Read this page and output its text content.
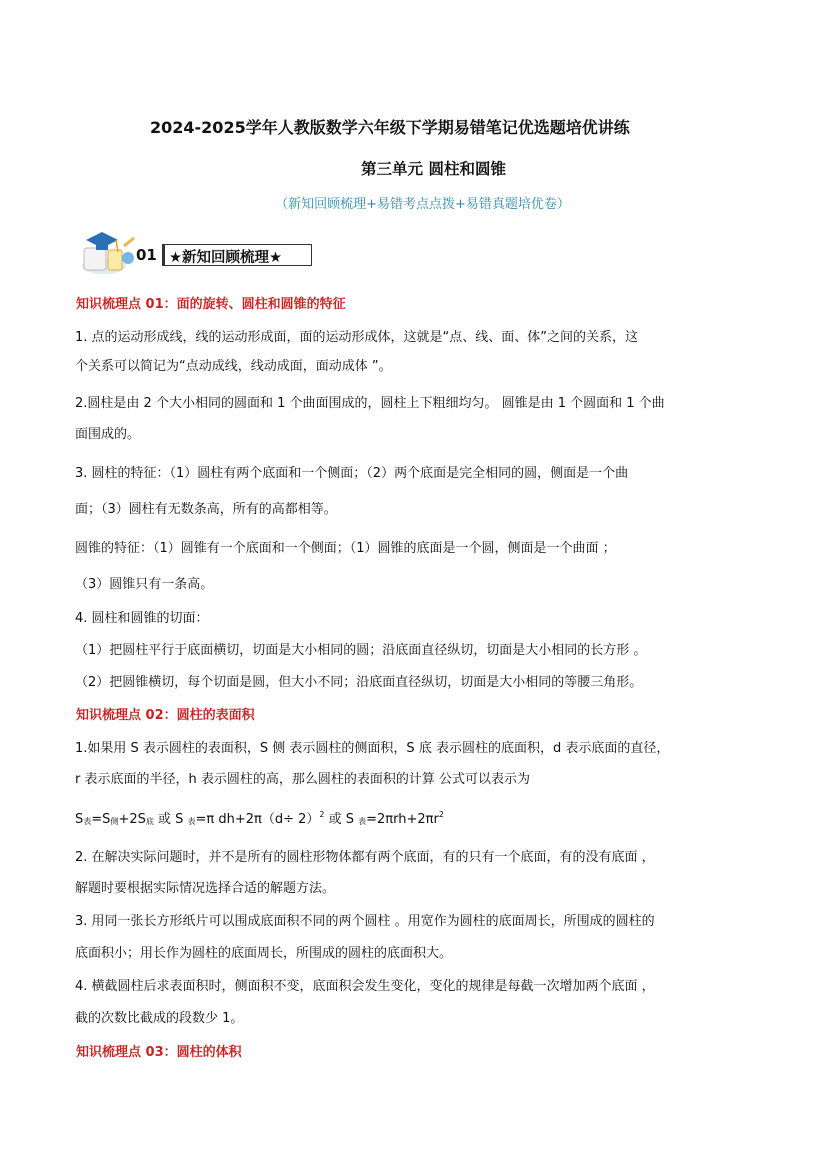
2024-2025学年人教版数学六年级下学期易错笔记优选题培优讲练
第三单元 圆柱和圆锥
（新知回顾梳理+易错考点点拨+易错真题培优卷）
01 ★新知回顾梳理★
知识梳理点 01：面的旋转、圆柱和圆锥的特征
1. 点的运动形成线，线的运动形成面，面的运动形成体，这就是“点、线、面、体”之间的关系，这
个关系可以简记为“点动成线，线动成面，面动成体 ”。
2.圆柱是由 2 个大小相同的圆面和 1 个曲面围成的，圆柱上下粗细均匀。 圆锥是由 1 个圆面和 1 个曲
面围成的。
3. 圆柱的特征：（1）圆柱有两个底面和一个侧面；（2）两个底面是完全相同的圆，侧面是一个曲
面；（3）圆柱有无数条高，所有的高都相等。
圆锥的特征：（1）圆锥有一个底面和一个侧面；（1）圆锥的底面是一个圆，侧面是一个曲面 ；
（3）圆锥只有一条高。
4. 圆柱和圆锥的切面：
（1）把圆柱平行于底面横切，切面是大小相同的圆；沿底面直径纵切，切面是大小相同的长方形 。
（2）把圆锥横切，每个切面是圆，但大小不同；沿底面直径纵切，切面是大小相同的等腰三角形。
知识梳理点 02：圆柱的表面积
1.如果用 S 表示圆柱的表面积，S 侧 表示圆柱的侧面积，S 底 表示圆柱的底面积，d 表示底面的直径，
r 表示底面的半径，h 表示圆柱的高，那么圆柱的表面积的计算 公式可以表示为
$S_表=S_侧+2S_底$ 或 S $_表$=π $dh+2\pi(d\div 2)^2$ 或 S $_表=2\pi rh+2\pi r^2$
2. 在解决实际问题时，并不是所有的圆柱形物体都有两个底面，有的只有一个底面，有的没有底面 ，
解题时要根据实际情况选择合适的解题方法。
3. 用同一张长方形纸片可以围成底面积不同的两个圆柱 。用宽作为圆柱的底面周长，所围成的圆柱的
底面积小；用长作为圆柱的底面周长，所围成的圆柱的底面积大。
4. 横截圆柱后求表面积时，侧面积不变，底面积会发生变化，变化的规律是每截一次增加两个底面 ，
截的次数比截成的段数少 1。
知识梳理点 03：圆柱的体积
